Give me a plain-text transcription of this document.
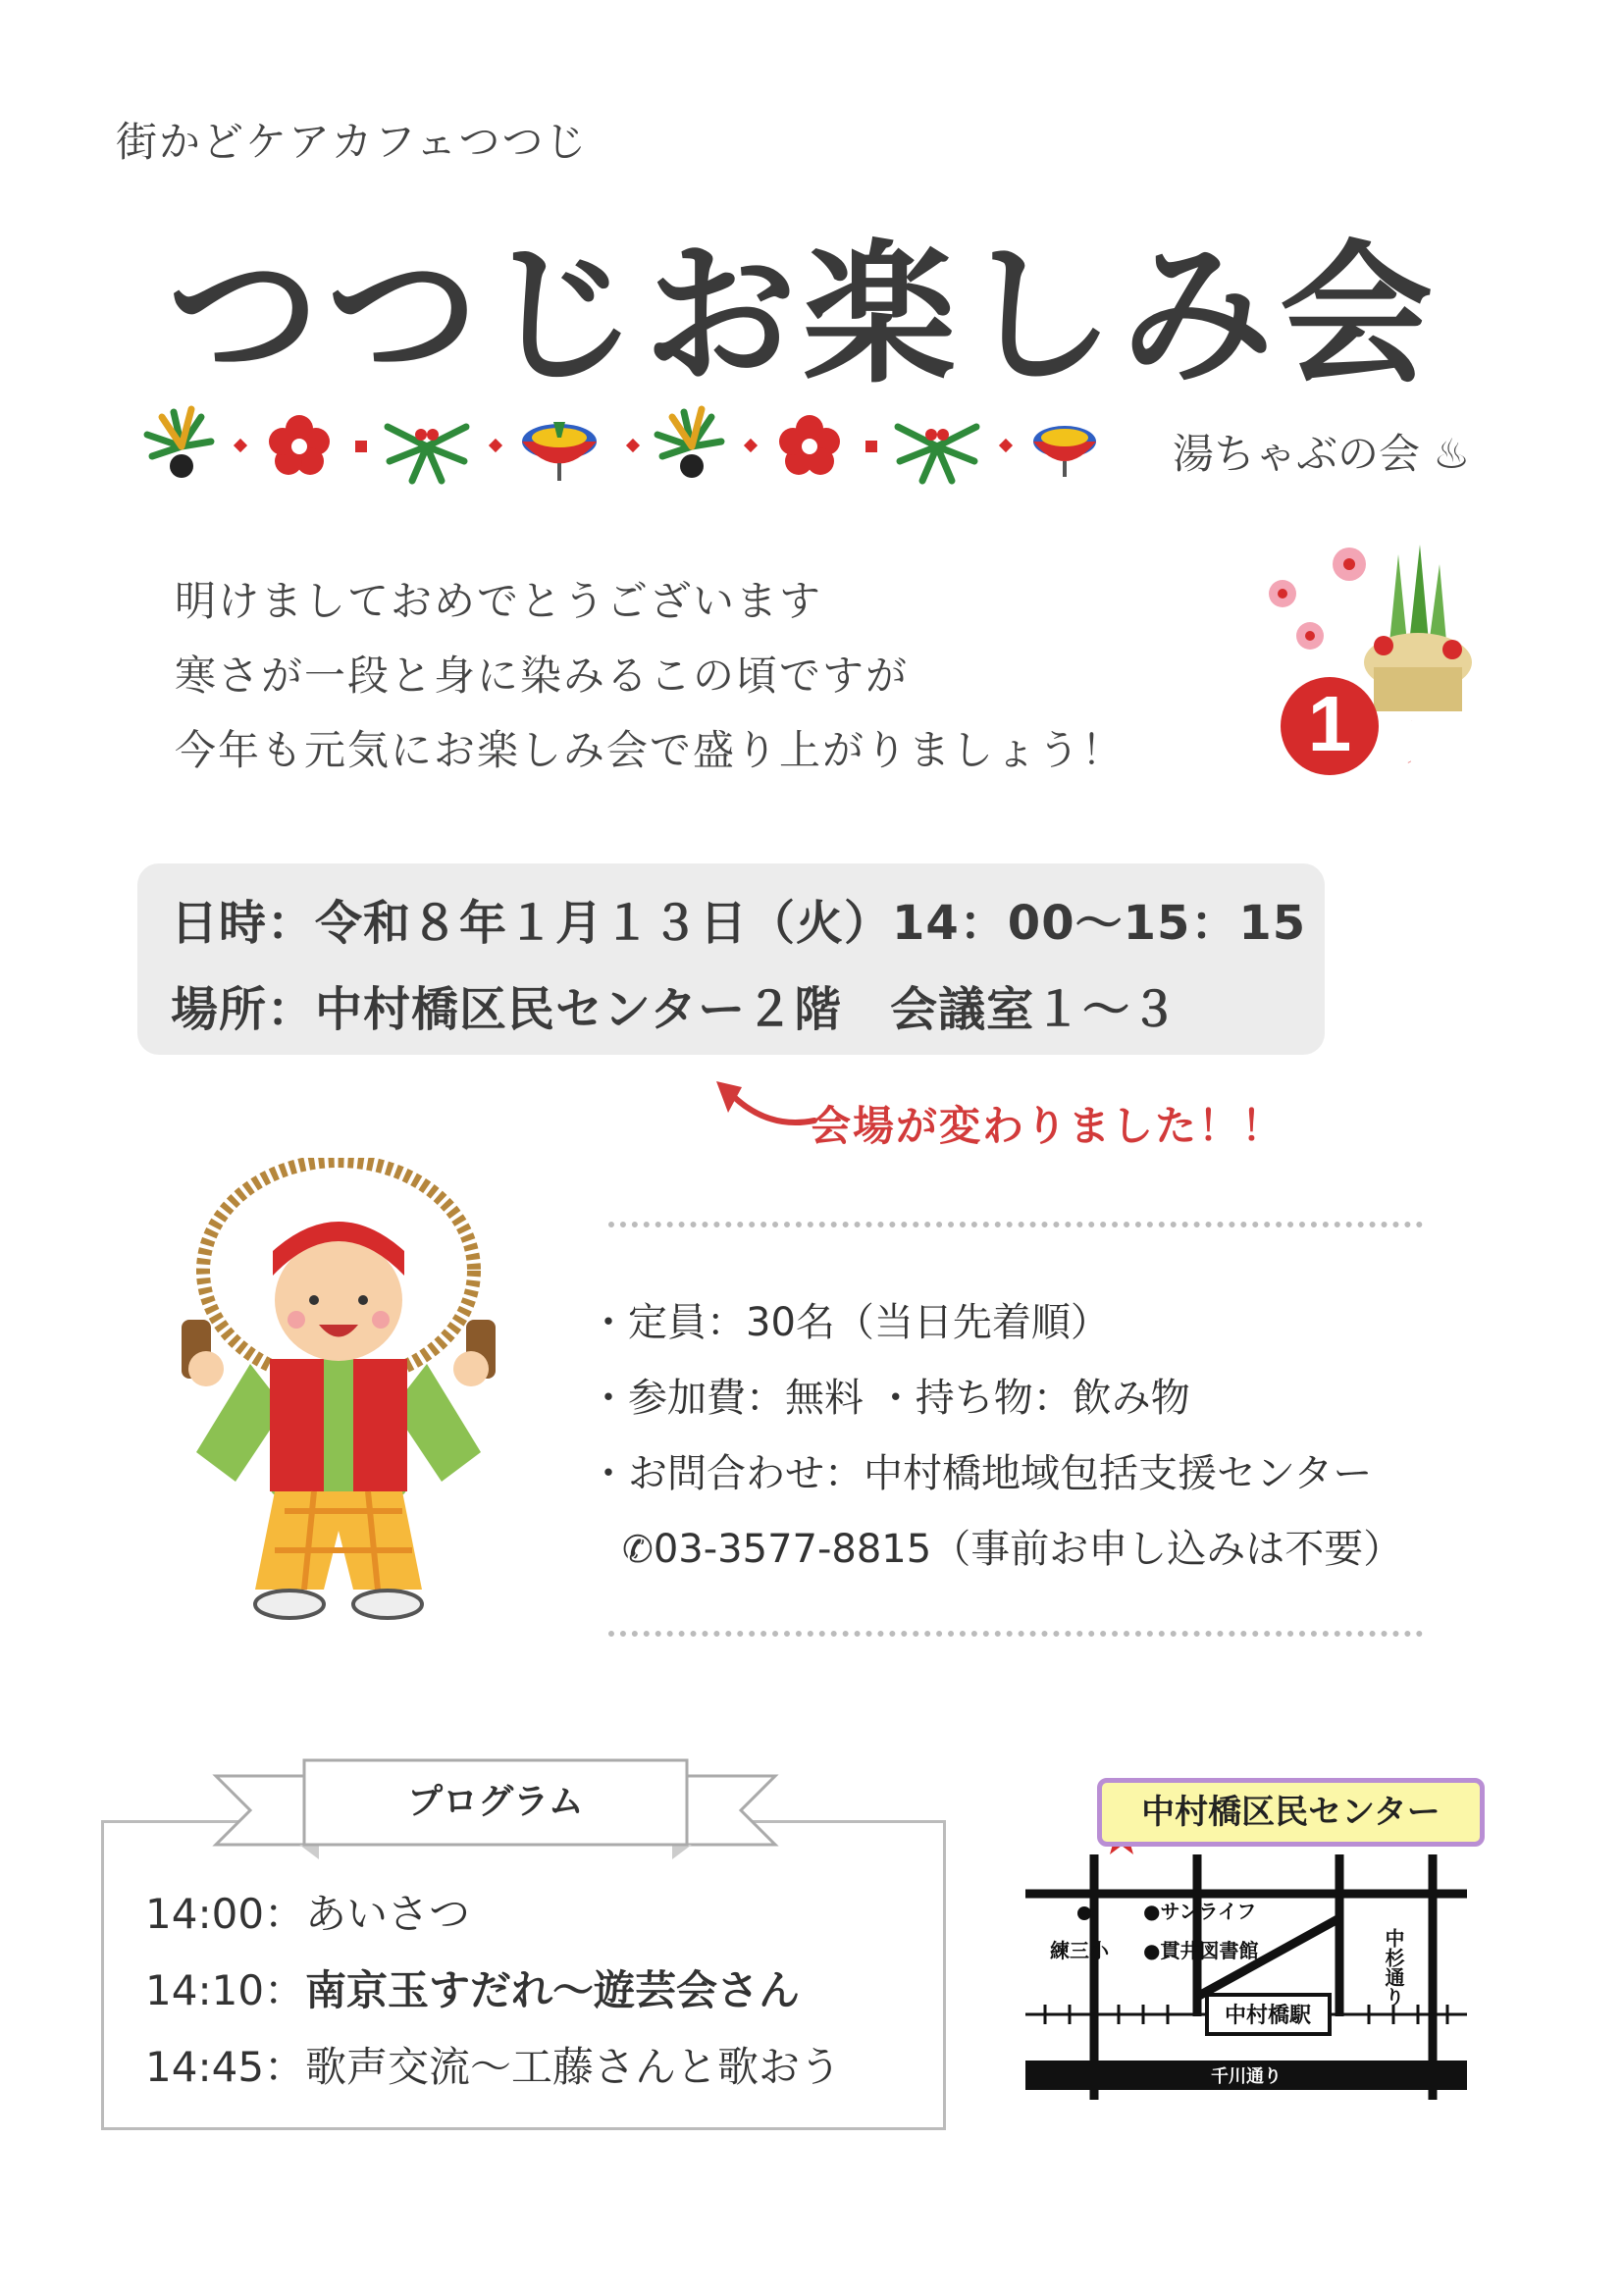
街かどケアカフェつつじ
つつじお楽しみ会
湯ちゃぶの会 ♨
明けましておめでとうございます
寒さが一段と身に染みるこの頃ですが
今年も元気にお楽しみ会で盛り上がりましょう！ 1 月
日時：令和８年１月１３日（火）14：00〜15：15
場所：中村橋区民センター２階　会議室１〜３
会場が変わりました！！
・定員：30名（当日先着順）
・参加費：無料 ・持ち物：飲み物
・お問合わせ：中村橋地域包括支援センター
✆03-3577-8815（事前お申し込みは不要）
14:00：あいさつ
14:10：南京玉すだれ〜遊芸会さん
14:45：歌声交流〜工藤さんと歌おう
プログラム
中村橋駅
練三小
●サンライフ
●貫井図書館	中杉通り
千川通り
中村橋区民センター
